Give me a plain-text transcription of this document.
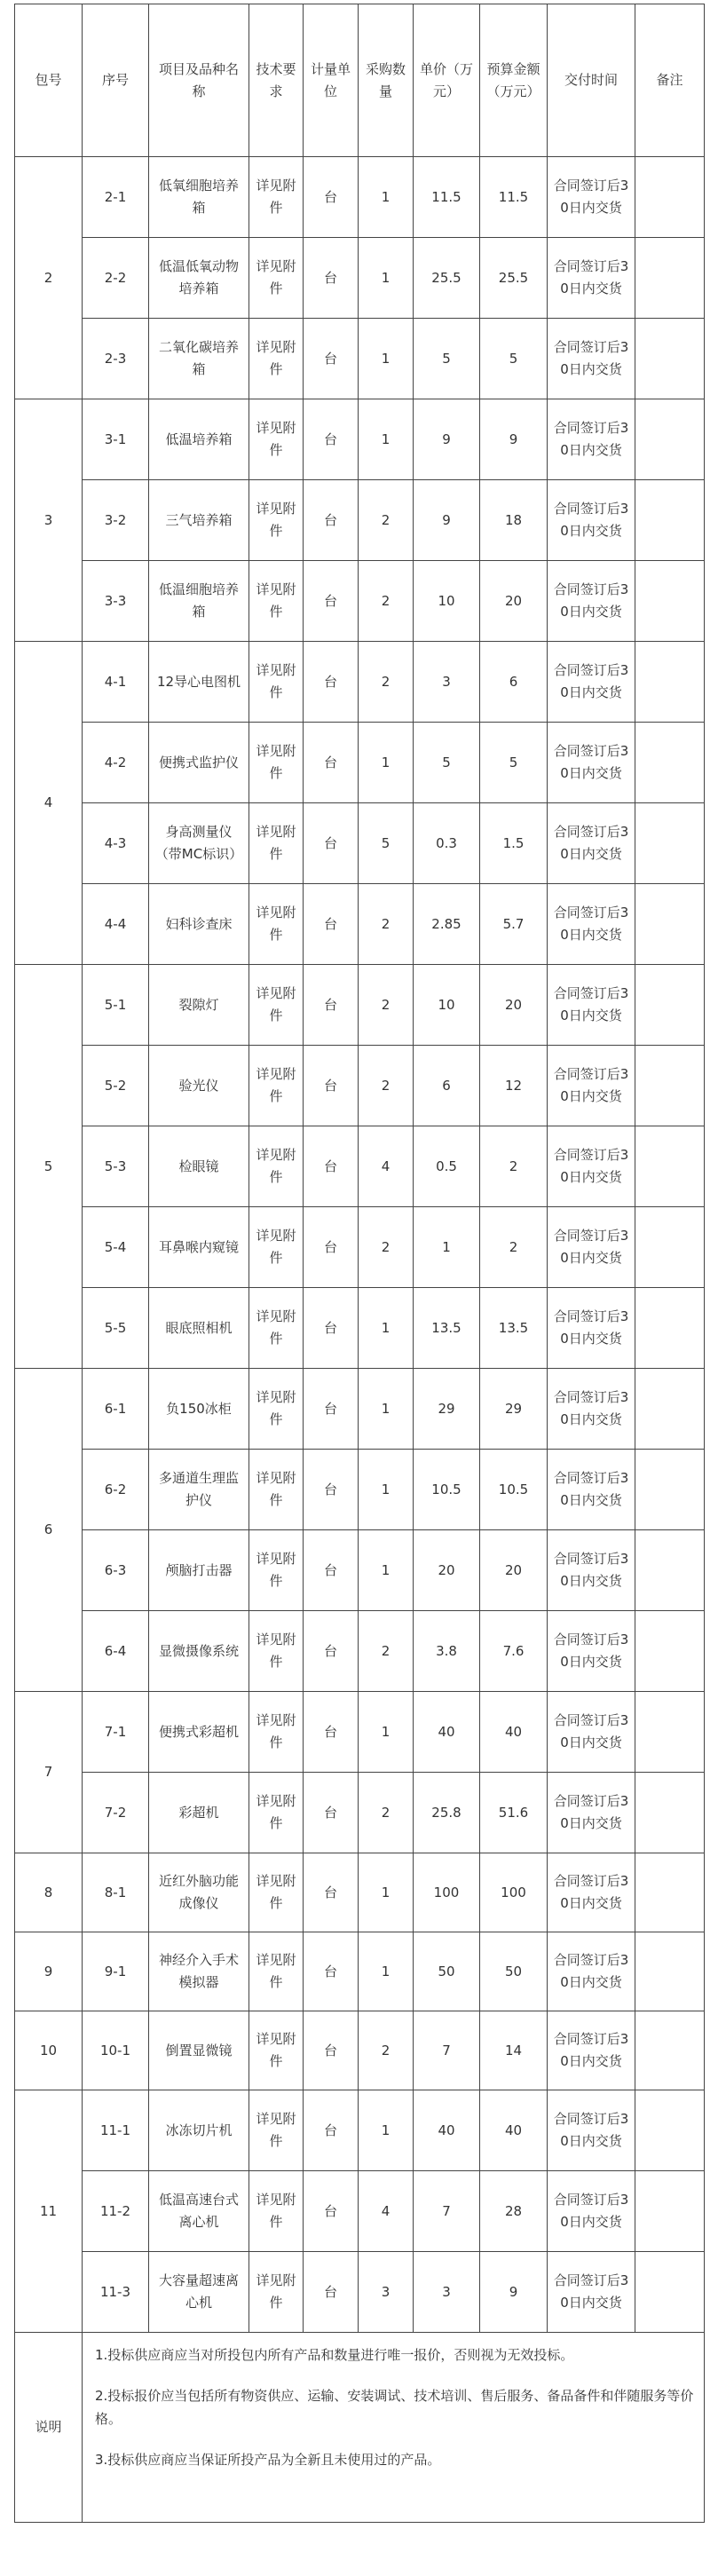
包号	序号	项目及品种名称	技术要求	计量单位	采购数量	单价（万元）	预算金额（万元）	交付时间	备注
2	2-1	低氧细胞培养箱	详见附件	台	1	11.5	11.5	合同签订后30日内交货	
	2-2	低温低氧动物培养箱	详见附件	台	1	25.5	25.5	合同签订后30日内交货	
	2-3	二氧化碳培养箱	详见附件	台	1	5	5	合同签订后30日内交货	
3	3-1	低温培养箱	详见附件	台	1	9	9	合同签订后30日内交货	
	3-2	三气培养箱	详见附件	台	2	9	18	合同签订后30日内交货	
	3-3	低温细胞培养箱	详见附件	台	2	10	20	合同签订后30日内交货	
4	4-1	12导心电图机	详见附件	台	2	3	6	合同签订后30日内交货	
	4-2	便携式监护仪	详见附件	台	1	5	5	合同签订后30日内交货	
	4-3	身高测量仪（带MC标识）	详见附件	台	5	0.3	1.5	合同签订后30日内交货	
	4-4	妇科诊查床	详见附件	台	2	2.85	5.7	合同签订后30日内交货	
5	5-1	裂隙灯	详见附件	台	2	10	20	合同签订后30日内交货	
	5-2	验光仪	详见附件	台	2	6	12	合同签订后30日内交货	
	5-3	检眼镜	详见附件	台	4	0.5	2	合同签订后30日内交货	
	5-4	耳鼻喉内窥镜	详见附件	台	2	1	2	合同签订后30日内交货	
	5-5	眼底照相机	详见附件	台	1	13.5	13.5	合同签订后30日内交货	
6	6-1	负150冰柜	详见附件	台	1	29	29	合同签订后30日内交货	
	6-2	多通道生理监护仪	详见附件	台	1	10.5	10.5	合同签订后30日内交货	
	6-3	颅脑打击器	详见附件	台	1	20	20	合同签订后30日内交货	
	6-4	显微摄像系统	详见附件	台	2	3.8	7.6	合同签订后30日内交货	
7	7-1	便携式彩超机	详见附件	台	1	40	40	合同签订后30日内交货	
	7-2	彩超机	详见附件	台	2	25.8	51.6	合同签订后30日内交货	
8	8-1	近红外脑功能成像仪	详见附件	台	1	100	100	合同签订后30日内交货	
9	9-1	神经介入手术模拟器	详见附件	台	1	50	50	合同签订后30日内交货	
10	10-1	倒置显微镜	详见附件	台	2	7	14	合同签订后30日内交货	
11	11-1	冰冻切片机	详见附件	台	1	40	40	合同签订后30日内交货	
	11-2	低温高速台式离心机	详见附件	台	4	7	28	合同签订后30日内交货	
	11-3	大容量超速离心机	详见附件	台	3	3	9	合同签订后30日内交货	
说明	1.投标供应商应当对所投包内所有产品和数量进行唯一报价，否则视为无效投标。

2.投标报价应当包括所有物资供应、运输、安装调试、技术培训、售后服务、备品备件和伴随服务等价格。

3.投标供应商应当保证所投产品为全新且未使用过的产品。								
